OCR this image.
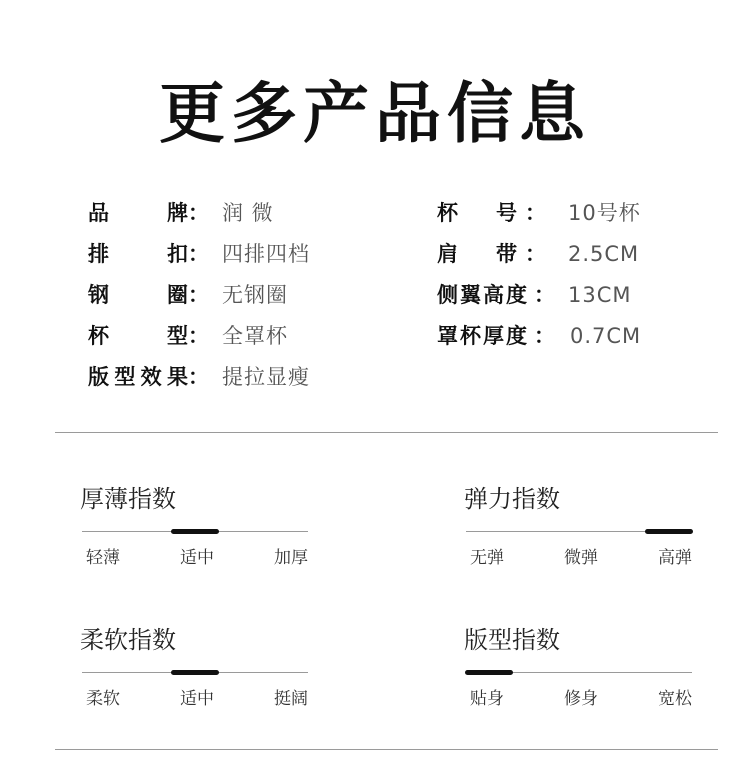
更多产品信息
品	牌 ： 润 微
排	扣 ： 四排四档
钢	圈 ： 无钢圈
杯	型 ： 全罩杯
版 型 效 果 ： 提拉显瘦
杯 号 ： 10号杯
肩 带 ： 2.5CM
侧 翼 高 度 ： 13CM
罩 杯 厚 度 ： 0.7CM
厚薄指数
轻薄	适中	加厚
弹力指数
无弹	微弹	高弹
柔软指数
柔软	适中	挺阔
版型指数
贴身	修身	宽松
